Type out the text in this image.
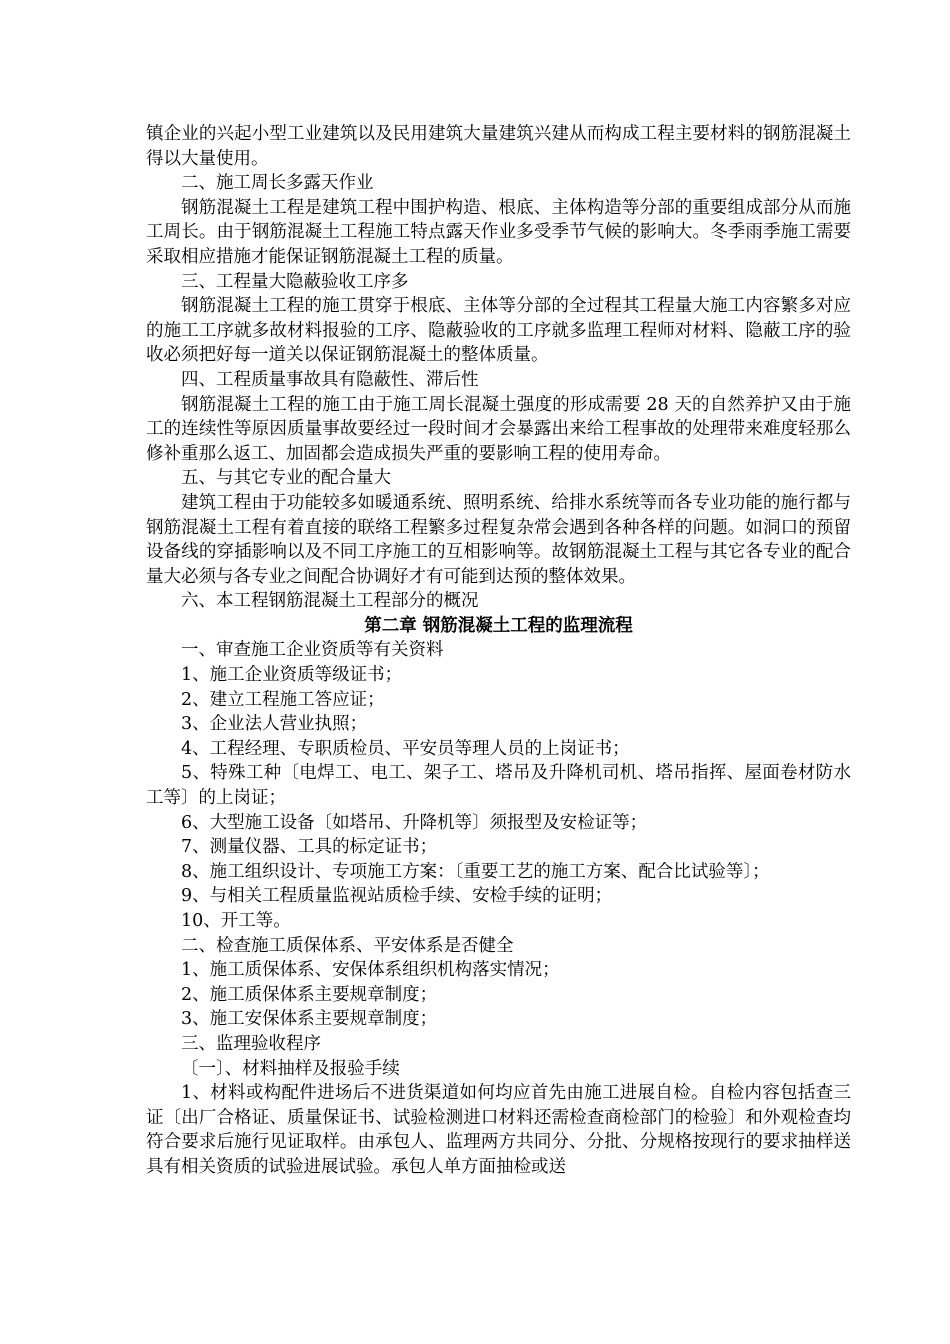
镇企业的兴起小型工业建筑以及民用建筑大量建筑兴建从而构成工程主要材料的钢筋混凝土得以大量使用。

二、施工周长多露天作业

钢筋混凝土工程是建筑工程中围护构造、根底、主体构造等分部的重要组成部分从而施工周长。由于钢筋混凝土工程施工特点露天作业多受季节气候的影响大。冬季雨季施工需要采取相应措施才能保证钢筋混凝土工程的质量。

三、工程量大隐蔽验收工序多

钢筋混凝土工程的施工贯穿于根底、主体等分部的全过程其工程量大施工内容繁多对应的施工工序就多故材料报验的工序、隐蔽验收的工序就多监理工程师对材料、隐蔽工序的验收必须把好每一道关以保证钢筋混凝土的整体质量。

四、工程质量事故具有隐蔽性、滞后性

钢筋混凝土工程的施工由于施工周长混凝土强度的形成需要 28 天的自然养护又由于施工的连续性等原因质量事故要经过一段时间才会暴露出来给工程事故的处理带来难度轻那么修补重那么返工、加固都会造成损失严重的要影响工程的使用寿命。

五、与其它专业的配合量大

建筑工程由于功能较多如暖通系统、照明系统、给排水系统等而各专业功能的施行都与钢筋混凝土工程有着直接的联络工程繁多过程复杂常会遇到各种各样的问题。如洞口的预留设备线的穿插影响以及不同工序施工的互相影响等。故钢筋混凝土工程与其它各专业的配合量大必须与各专业之间配合协调好才有可能到达预的整体效果。

六、本工程钢筋混凝土工程部分的概况

第二章 钢筋混凝土工程的监理流程

一、审查施工企业资质等有关资料

1、施工企业资质等级证书；

2、建立工程施工答应证；

3、企业法人营业执照；

4、工程经理、专职质检员、平安员等理人员的上岗证书；

5、特殊工种〔电焊工、电工、架子工、塔吊及升降机司机、塔吊指挥、屋面卷材防水工等〕的上岗证；

6、大型施工设备〔如塔吊、升降机等〕须报型及安检证等；

7、测量仪器、工具的标定证书；

8、施工组织设计、专项施工方案：〔重要工艺的施工方案、配合比试验等〕；

9、与相关工程质量监视站质检手续、安检手续的证明；

10、开工等。

二、检查施工质保体系、平安体系是否健全

1、施工质保体系、安保体系组织机构落实情况；

2、施工质保体系主要规章制度；

3、施工安保体系主要规章制度；

三、监理验收程序

〔一〕、材料抽样及报验手续

1、材料或构配件进场后不进货渠道如何均应首先由施工进展自检。自检内容包括查三证〔出厂合格证、质量保证书、试验检测进口材料还需检查商检部门的检验〕和外观检查均符合要求后施行见证取样。由承包人、监理两方共同分、分批、分规格按现行的要求抽样送具有相关资质的试验进展试验。承包人单方面抽检或送
